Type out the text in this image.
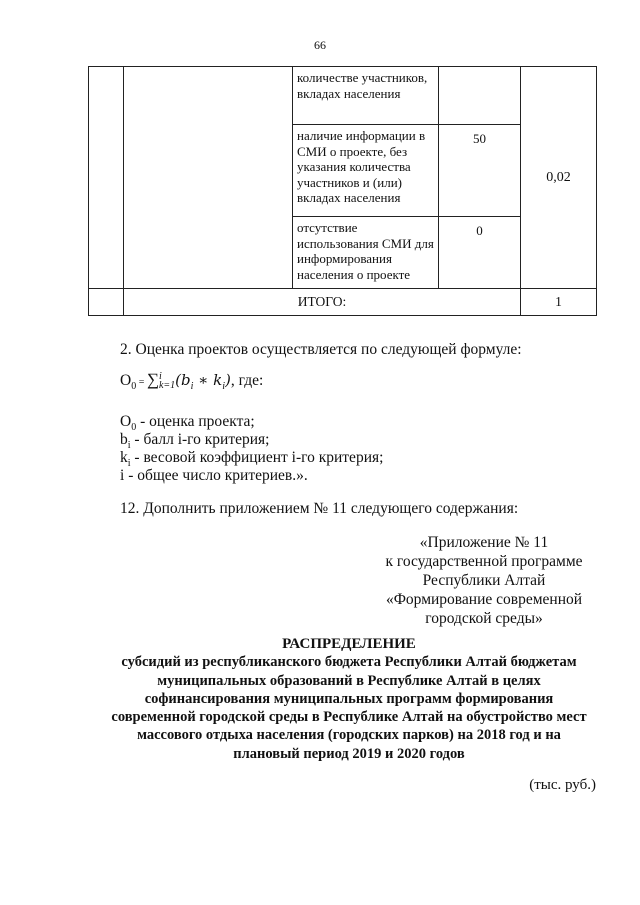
66
		количестве участников, вкладах населения		0,02
		наличие информации в СМИ о проекте, без указания количества участников и (или) вкладах населения	50	
		отсутствие использования СМИ для информирования населения о проекте	0	
	ИТОГО:			1
2. Оценка проектов осуществляется по следующей формуле:
$О_0$ = ∑ i
k=1 ($b_i$ ∗ $k_i$), где:
$О_0$ - оценка проекта;
$b_i$ - балл i-го критерия;
$k_i$ - весовой коэффициент i-го критерия;
i - общее число критериев.».
12. Дополнить приложением № 11 следующего содержания:
«Приложение № 11
к государственной программе
Республики Алтай
«Формирование современной
городской среды»
РАСПРЕДЕЛЕНИЕ
субсидий из республиканского бюджета Республики Алтай бюджетам
муниципальных образований в Республике Алтай в целях
софинансирования муниципальных программ формирования
современной городской среды в Республике Алтай на обустройство мест
массового отдыха населения (городских парков) на 2018 год и на
плановый период 2019 и 2020 годов
(тыс. руб.)
